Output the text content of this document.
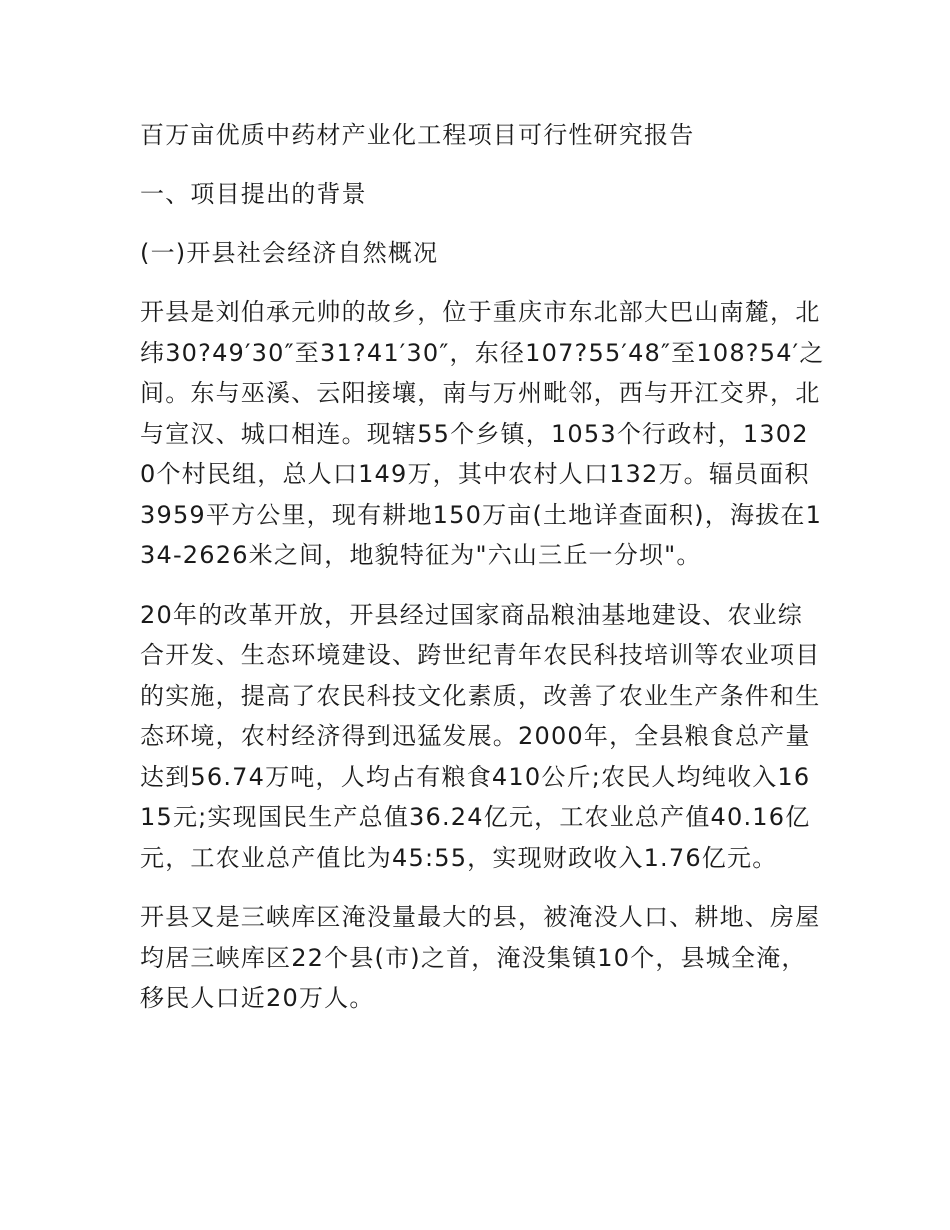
百万亩优质中药材产业化工程项目可行性研究报告

一、项目提出的背景

(一)开县社会经济自然概况

开县是刘伯承元帅的故乡，位于重庆市东北部大巴山南麓，北纬30?49′30″至31?41′30″，东径107?55′48″至108?54′之间。东与巫溪、云阳接壤，南与万州毗邻，西与开江交界，北与宣汉、城口相连。现辖55个乡镇，1053个行政村，13020个村民组，总人口149万，其中农村人口132万。辐员面积3959平方公里，现有耕地150万亩(土地详查面积)，海拔在134-2626米之间，地貌特征为"六山三丘一分坝"。

20年的改革开放，开县经过国家商品粮油基地建设、农业综合开发、生态环境建设、跨世纪青年农民科技培训等农业项目的实施，提高了农民科技文化素质，改善了农业生产条件和生态环境，农村经济得到迅猛发展。2000年，全县粮食总产量达到56.74万吨，人均占有粮食410公斤;农民人均纯收入1615元;实现国民生产总值36.24亿元，工农业总产值40.16亿元，工农业总产值比为45:55，实现财政收入1.76亿元。

开县又是三峡库区淹没量最大的县，被淹没人口、耕地、房屋均居三峡库区22个县(市)之首，淹没集镇10个，县城全淹，移民人口近20万人。
